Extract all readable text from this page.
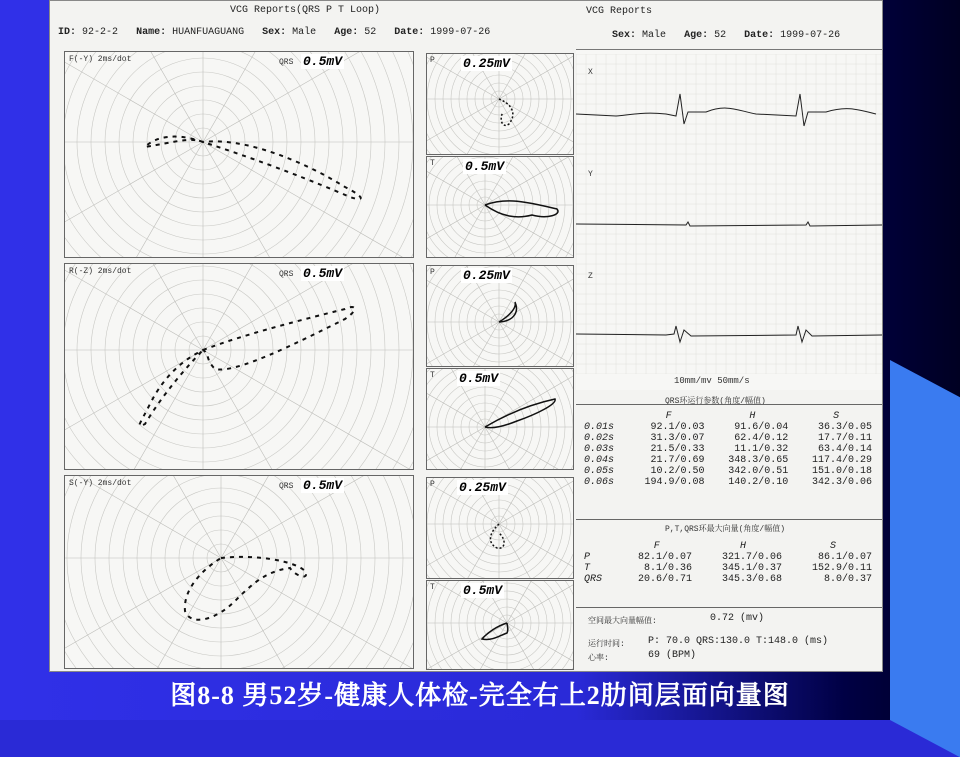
VCG Reports(QRS P T Loop)
ID: 92-2-2 Name: HUANFUAGUANG Sex: Male Age: 52 Date: 1999-07-26
VCG Reports
Sex: Male Age: 52 Date: 1999-07-26
F(-Y) 2ms/dot	QRS 0.5mV
R(-Z) 2ms/dot	QRS 0.5mV
S(-Y) 2ms/dot	QRS 0.5mV
P 0.25mV
T 0.5mV
P 0.25mV
T 0.5mV
P 0.25mV
T 0.5mV
X
Y
Z
10mm/mv 50mm/s
QRS环运行参数(角度/幅值)
	F	H	S
0.01s	92.1/0.03	91.6/0.04	36.3/0.05
0.02s	31.3/0.07	62.4/0.12	17.7/0.11
0.03s	21.5/0.33	11.1/0.32	63.4/0.14
0.04s	21.7/0.69	348.3/0.65	117.4/0.29
0.05s	10.2/0.50	342.0/0.51	151.0/0.18
0.06s	194.9/0.08	140.2/0.10	342.3/0.06
P,T,QRS环最大向量(角度/幅值)
	F	H	S
P	82.1/0.07	321.7/0.06	86.1/0.07
T	8.1/0.36	345.1/0.37	152.9/0.11
QRS	20.6/0.71	345.3/0.68	8.0/0.37
空间最大向量幅值:	0.72 (mv)
运行时间: P: 70.0 QRS:130.0 T:148.0 (ms)
心率:	69 (BPM)
图8-8 男52岁-健康人体检-完全右上2肋间层面向量图
